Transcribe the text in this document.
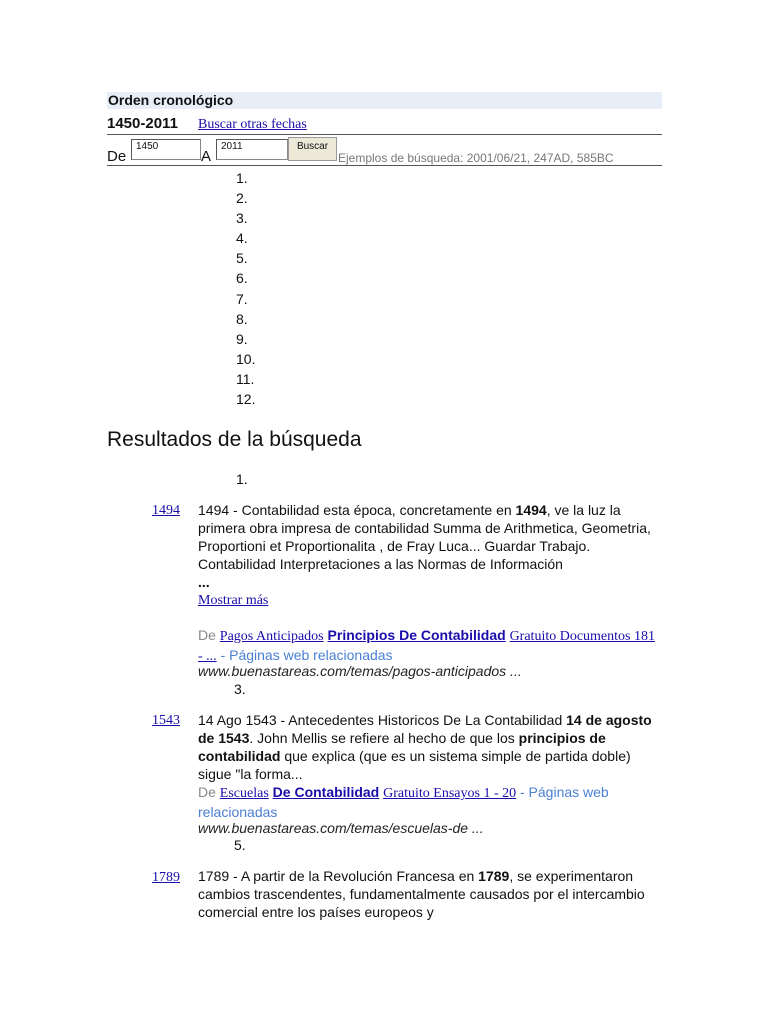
Orden cronológico
1450-2011 Buscar otras fechas
De
1450
A
2011	Buscar
Ejemplos de búsqueda: 2001/06/21, 247AD, 585BC
1.
2.
3.
4.
5.
6.
7.
8.
9.
10.
11.
12.
Resultados de la búsqueda
1.
1494 1494 - Contabilidad esta época, concretamente en 1494, ve la luz la primera obra impresa de contabilidad Summa de Arithmetica, Geometria, Proportioni et Proportionalita , de Fray Luca... Guardar Trabajo. Contabilidad Interpretaciones a las Normas de Información
...
Mostrar más
De Pagos Anticipados Principios De Contabilidad Gratuito Documentos 181 - ... - Páginas web relacionadas
www.buenastareas.com/temas/pagos-anticipados ...
3.
1543 14 Ago 1543 - Antecedentes Historicos De La Contabilidad 14 de agosto de 1543. John Mellis se refiere al hecho de que los principios de contabilidad que explica (que es un sistema simple de partida doble) sigue "la forma...
De Escuelas De Contabilidad Gratuito Ensayos 1 - 20 - Páginas web relacionadas
www.buenastareas.com/temas/escuelas-de ...
5.
1789 1789 - A partir de la Revolución Francesa en 1789, se experimentaron cambios trascendentes, fundamentalmente causados por el intercambio comercial entre los países europeos y
